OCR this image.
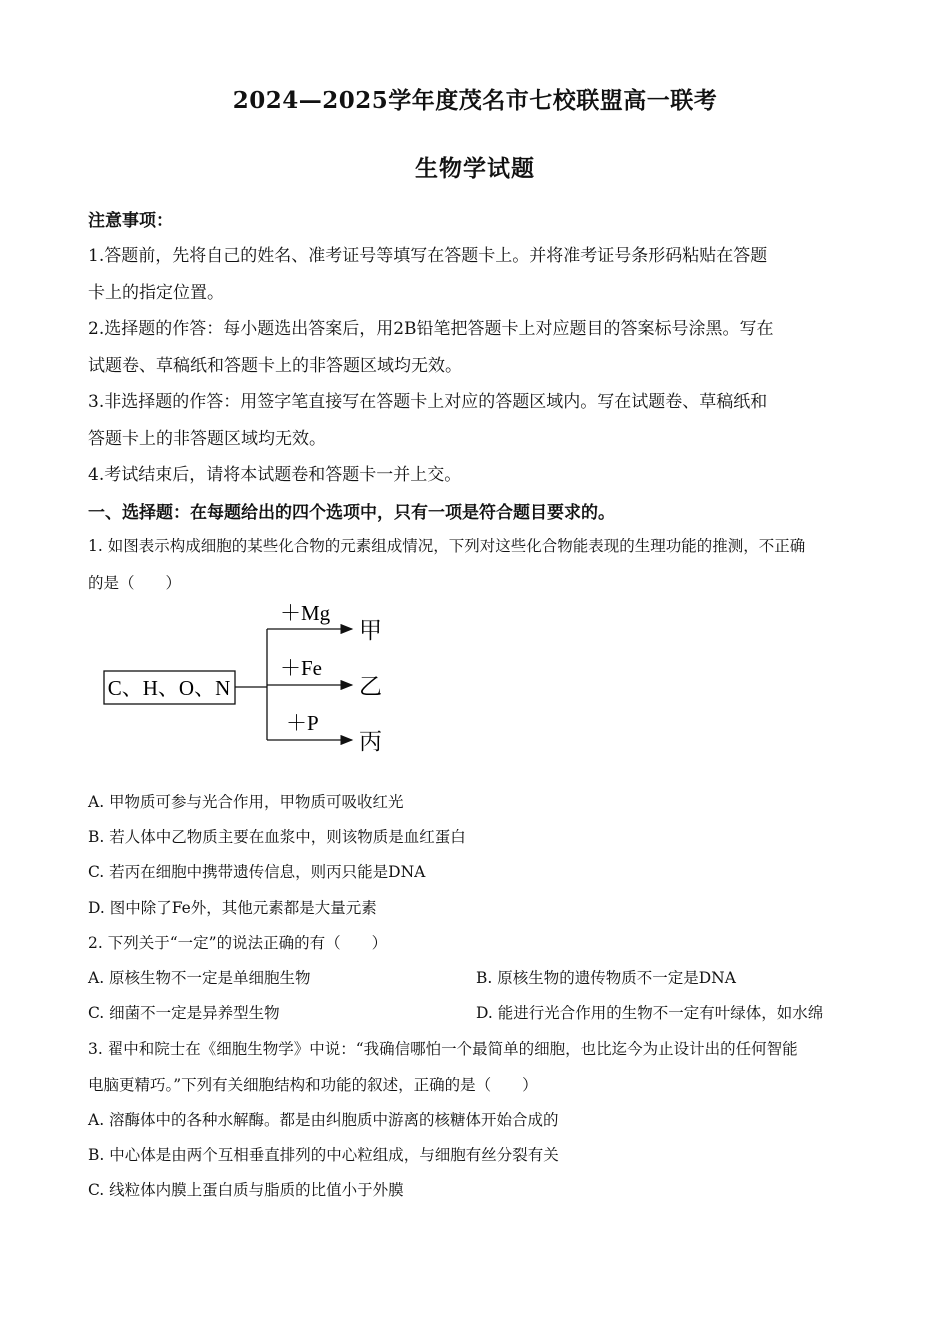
2024—2025学年度茂名市七校联盟高一联考
生物学试题
注意事项：
1.答题前，先将自己的姓名、准考证号等填写在答题卡上。并将准考证号条形码粘贴在答题
卡上的指定位置。
2.选择题的作答：每小题选出答案后，用2B铅笔把答题卡上对应题目的答案标号涂黑。写在
试题卷、草稿纸和答题卡上的非答题区域均无效。
3.非选择题的作答：用签字笔直接写在答题卡上对应的答题区域内。写在试题卷、草稿纸和
答题卡上的非答题区域均无效。
4.考试结束后，请将本试题卷和答题卡一并上交。
一、选择题：在每题给出的四个选项中，只有一项是符合题目要求的。
1. 如图表示构成细胞的某些化合物的元素组成情况，下列对这些化合物能表现的生理功能的推测，不正确
的是（　　）
C、H、O、N
＋Mg
＋Fe
＋P
甲
乙
丙
A. 甲物质可参与光合作用，甲物质可吸收红光
B. 若人体中乙物质主要在血浆中，则该物质是血红蛋白
C. 若丙在细胞中携带遗传信息，则丙只能是DNA
D. 图中除了Fe外，其他元素都是大量元素
2. 下列关于“一定”的说法正确的有（　　）
A. 原核生物不一定是单细胞生物	B. 原核生物的遗传物质不一定是DNA
C. 细菌不一定是异养型生物	D. 能进行光合作用的生物不一定有叶绿体，如水绵
3. 翟中和院士在《细胞生物学》中说：“我确信哪怕一个最简单的细胞，也比迄今为止设计出的任何智能
电脑更精巧。”下列有关细胞结构和功能的叙述，正确的是（　　）
A. 溶酶体中的各种水解酶。都是由纠胞质中游离的核糖体开始合成的
B. 中心体是由两个互相垂直排列的中心粒组成，与细胞有丝分裂有关
C. 线粒体内膜上蛋白质与脂质的比值小于外膜
